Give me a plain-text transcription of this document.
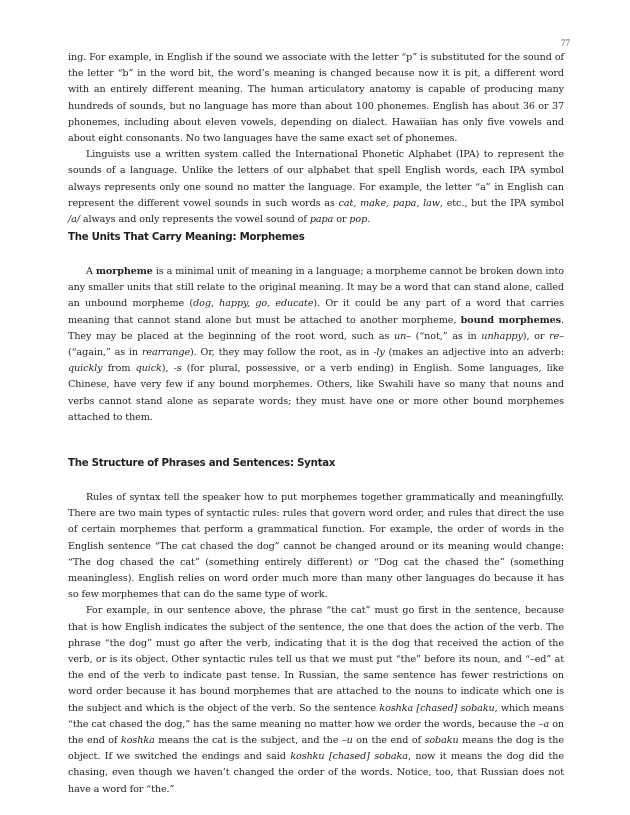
77

ing. For example, in English if the sound we associate with the letter “p” is substituted for the sound of the letter “b” in the word bit, the word’s meaning is changed because now it is pit, a different word with an entirely different meaning. The human articulatory anatomy is capable of producing many hundreds of sounds, but no language has more than about 100 phonemes. English has about 36 or 37 phonemes, including about eleven vowels, depending on dialect. Hawaiian has only five vowels and about eight consonants. No two languages have the same exact set of phonemes.

Linguists use a written system called the International Phonetic Alphabet (IPA) to represent the sounds of a language. Unlike the letters of our alphabet that spell English words, each IPA symbol always represents only one sound no matter the language. For example, the letter “a” in English can represent the different vowel sounds in such words as cat, make, papa, law, etc., but the IPA symbol /a/ always and only represents the vowel sound of papa or pop.

The Units That Carry Meaning: Morphemes

A morpheme is a minimal unit of meaning in a language; a morpheme cannot be broken down into any smaller units that still relate to the original meaning. It may be a word that can stand alone, called an unbound morpheme (dog, happy, go, educate). Or it could be any part of a word that carries meaning that cannot stand alone but must be attached to another morpheme, bound morphemes. They may be placed at the beginning of the root word, such as un– (“not,” as in unhappy), or re– (“again,” as in rearrange). Or, they may follow the root, as in -ly (makes an adjective into an adverb: quickly from quick), -s (for plural, possessive, or a verb ending) in English. Some languages, like Chinese, have very few if any bound morphemes. Others, like Swahili have so many that nouns and verbs cannot stand alone as separate words; they must have one or more other bound morphemes attached to them.

The Structure of Phrases and Sentences: Syntax

Rules of syntax tell the speaker how to put morphemes together grammatically and meaningfully. There are two main types of syntactic rules: rules that govern word order, and rules that direct the use of certain morphemes that perform a grammatical function. For example, the order of words in the English sentence “The cat chased the dog” cannot be changed around or its meaning would change: “The dog chased the cat” (something entirely different) or “Dog cat the chased the” (something meaningless). English relies on word order much more than many other languages do because it has so few morphemes that can do the same type of work.

For example, in our sentence above, the phrase “the cat” must go first in the sentence, because that is how English indicates the subject of the sentence, the one that does the action of the verb. The phrase “the dog” must go after the verb, indicating that it is the dog that received the action of the verb, or is its object. Other syntactic rules tell us that we must put “the” before its noun, and “–ed” at the end of the verb to indicate past tense. In Russian, the same sentence has fewer restrictions on word order because it has bound morphemes that are attached to the nouns to indicate which one is the subject and which is the object of the verb. So the sentence koshka [chased] sobaku, which means “the cat chased the dog,” has the same meaning no matter how we order the words, because the –a on the end of koshka means the cat is the subject, and the –u on the end of sobaku means the dog is the object. If we switched the endings and said koshku [chased] sobaka, now it means the dog did the chasing, even though we haven’t changed the order of the words. Notice, too, that Russian does not have a word for “the.”
